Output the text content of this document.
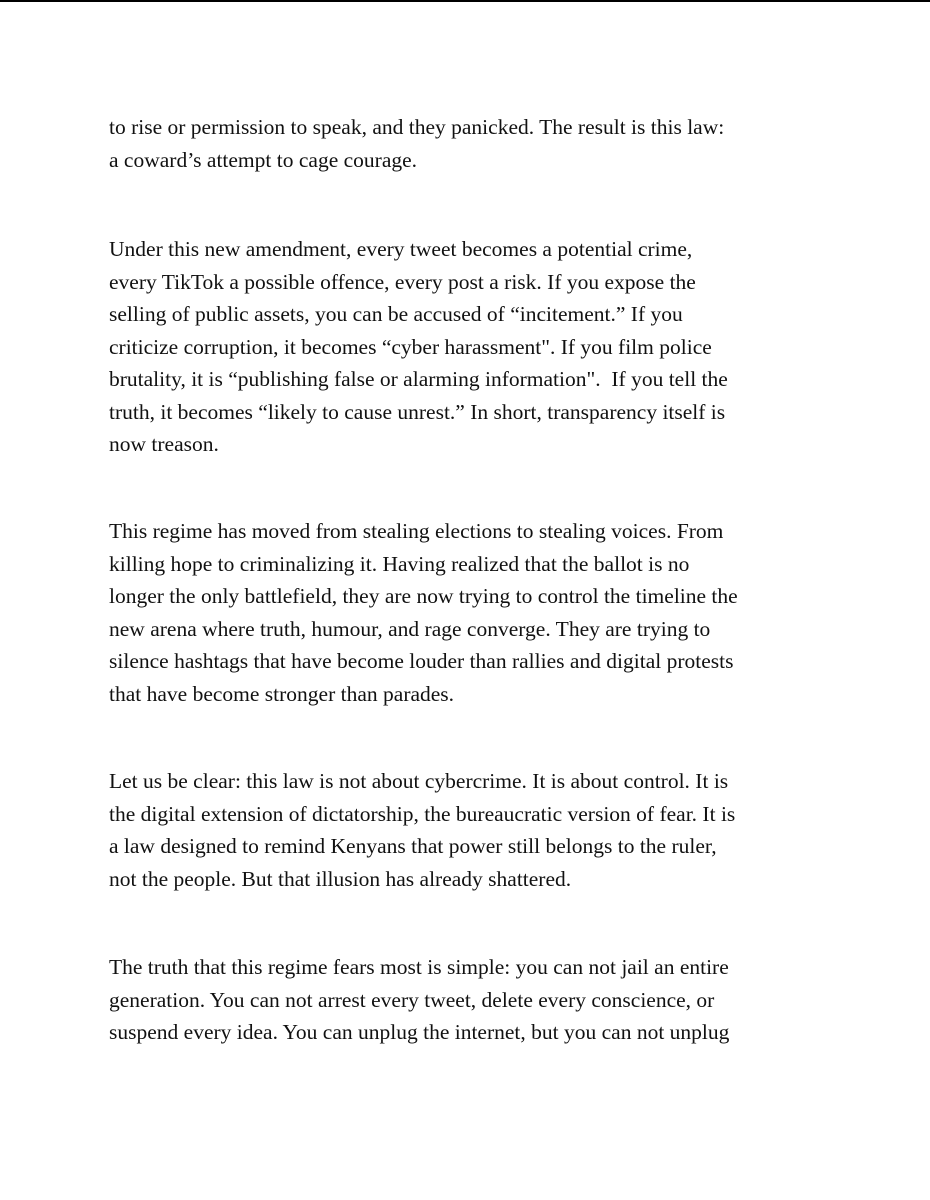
to rise or permission to speak, and they panicked. The result is this law:
a coward’s attempt to cage courage.

Under this new amendment, every tweet becomes a potential crime,
every TikTok a possible offence, every post a risk. If you expose the
selling of public assets, you can be accused of “incitement.” If you
criticize corruption, it becomes “cyber harassment". If you film police
brutality, it is “publishing false or alarming information".  If you tell the
truth, it becomes “likely to cause unrest.” In short, transparency itself is
now treason.

This regime has moved from stealing elections to stealing voices. From
killing hope to criminalizing it. Having realized that the ballot is no
longer the only battlefield, they are now trying to control the timeline the
new arena where truth, humour, and rage converge. They are trying to
silence hashtags that have become louder than rallies and digital protests
that have become stronger than parades.

Let us be clear: this law is not about cybercrime. It is about control. It is
the digital extension of dictatorship, the bureaucratic version of fear. It is
a law designed to remind Kenyans that power still belongs to the ruler,
not the people. But that illusion has already shattered.

The truth that this regime fears most is simple: you can not jail an entire
generation. You can not arrest every tweet, delete every conscience, or
suspend every idea. You can unplug the internet, but you can not unplug
